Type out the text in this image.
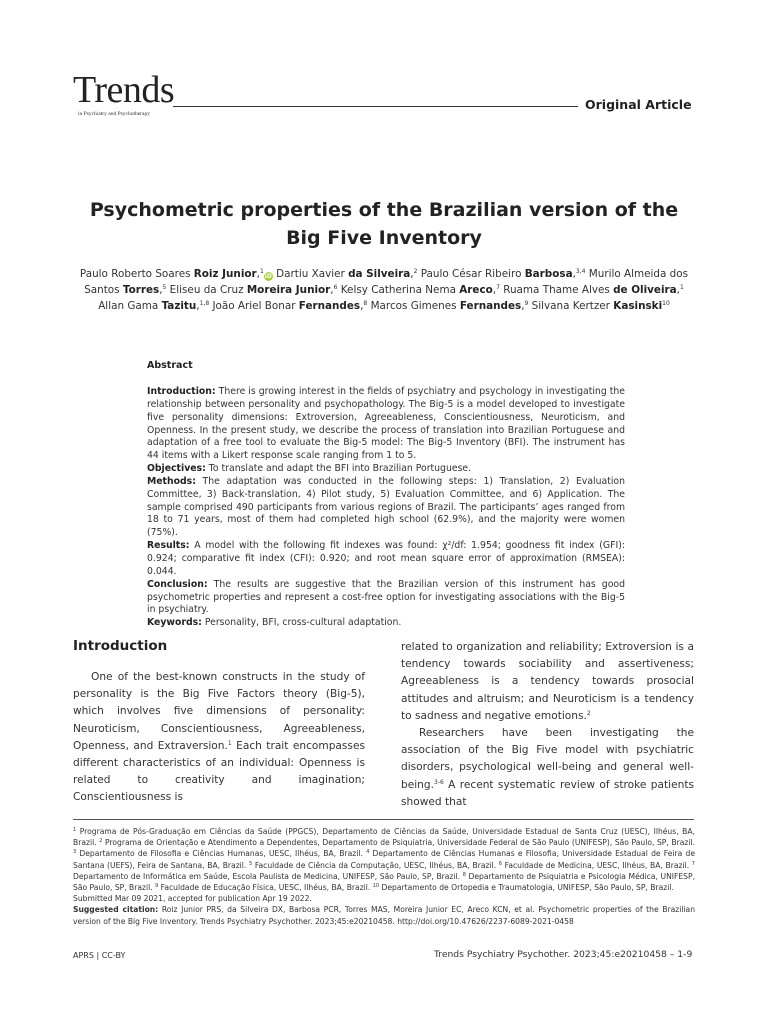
Trends
in Psychiatry and Psychotherapy
Original Article
Psychometric properties of the Brazilian version of the Big Five Inventory
Paulo Roberto Soares Roiz Junior,$^1$iD Dartiu Xavier da Silveira,$^2$ Paulo César Ribeiro Barbosa,$^{3,4}$ Murilo Almeida dos Santos Torres,$^5$ Eliseu da Cruz Moreira Junior,$^6$ Kelsy Catherina Nema Areco,$^7$ Ruama Thame Alves de Oliveira,$^1$ Allan Gama Tazitu,$^{1,8}$ João Ariel Bonar Fernandes,$^8$ Marcos Gimenes Fernandes,$^9$ Silvana Kertzer Kasinski$^{10}$
Abstract

Introduction: There is growing interest in the fields of psychiatry and psychology in investigating the relationship between personality and psychopathology. The Big-5 is a model developed to investigate five personality dimensions: Extroversion, Agreeableness, Conscientiousness, Neuroticism, and Openness. In the present study, we describe the process of translation into Brazilian Portuguese and adaptation of a free tool to evaluate the Big-5 model: The Big-5 Inventory (BFI). The instrument has 44 items with a Likert response scale ranging from 1 to 5.

Objectives: To translate and adapt the BFI into Brazilian Portuguese.

Methods: The adaptation was conducted in the following steps: 1) Translation, 2) Evaluation Committee, 3) Back-translation, 4) Pilot study, 5) Evaluation Committee, and 6) Application. The sample comprised 490 participants from various regions of Brazil. The participants’ ages ranged from 18 to 71 years, most of them had completed high school (62.9%), and the majority were women (75%).

Results: A model with the following fit indexes was found: χ²/df: 1.954; goodness fit index (GFI): 0.924; comparative fit index (CFI): 0.920; and root mean square error of approximation (RMSEA): 0.044.

Conclusion: The results are suggestive that the Brazilian version of this instrument has good psychometric properties and represent a cost-free option for investigating associations with the Big-5 in psychiatry.

Keywords: Personality, BFI, cross-cultural adaptation.

Introduction

One of the best-known constructs in the study of personality is the Big Five Factors theory (Big-5), which involves five dimensions of personality: Neuroticism, Conscientiousness, Agreeableness, Openness, and Extraversion.$^1$ Each trait encompasses different characteristics of an individual: Openness is related to creativity and imagination; Conscientiousness is

related to organization and reliability; Extroversion is a tendency towards sociability and assertiveness; Agreeableness is a tendency towards prosocial attitudes and altruism; and Neuroticism is a tendency to sadness and negative emotions.$^2$

Researchers have been investigating the association of the Big Five model with psychiatric disorders, psychological well-being and general well-being.$^{3-6}$ A recent systematic review of stroke patients showed that

$^1$ Programa de Pós-Graduação em Ciências da Saúde (PPGCS), Departamento de Ciências da Saúde, Universidade Estadual de Santa Cruz (UESC), Ilhéus, BA, Brazil. $^2$ Programa de Orientação e Atendimento a Dependentes, Departamento de Psiquiatria, Universidade Federal de São Paulo (UNIFESP), São Paulo, SP, Brazil. $^3$ Departamento de Filosofia e Ciências Humanas, UESC, Ilhéus, BA, Brazil. $^4$ Departamento de Ciências Humanas e Filosofia, Universidade Estadual de Feira de Santana (UEFS), Feira de Santana, BA, Brazil. $^5$ Faculdade de Ciência da Computação, UESC, Ilhéus, BA, Brazil. $^6$ Faculdade de Medicina, UESC, Ilhéus, BA, Brazil. $^7$ Departamento de Informática em Saúde, Escola Paulista de Medicina, UNIFESP, São Paulo, SP, Brazil. $^8$ Departamento de Psiquiatria e Psicologia Médica, UNIFESP, São Paulo, SP, Brazil. $^9$ Faculdade de Educação Física, UESC, Ilhéus, BA, Brazil. $^{10}$ Departamento de Ortopedia e Traumatologia, UNIFESP, São Paulo, SP, Brazil.

Submitted Mar 09 2021, accepted for publication Apr 19 2022.

Suggested citation: Roiz Junior PRS, da Silveira DX, Barbosa PCR, Torres MAS, Moreira Junior EC, Areco KCN, et al. Psychometric properties of the Brazilian version of the Big Five Inventory. Trends Psychiatry Psychother. 2023;45:e20210458. http://doi.org/10.47626/2237-6089-2021-0458

APRS | CC-BY	Trends Psychiatry Psychother. 2023;45:e20210458 – 1-9
